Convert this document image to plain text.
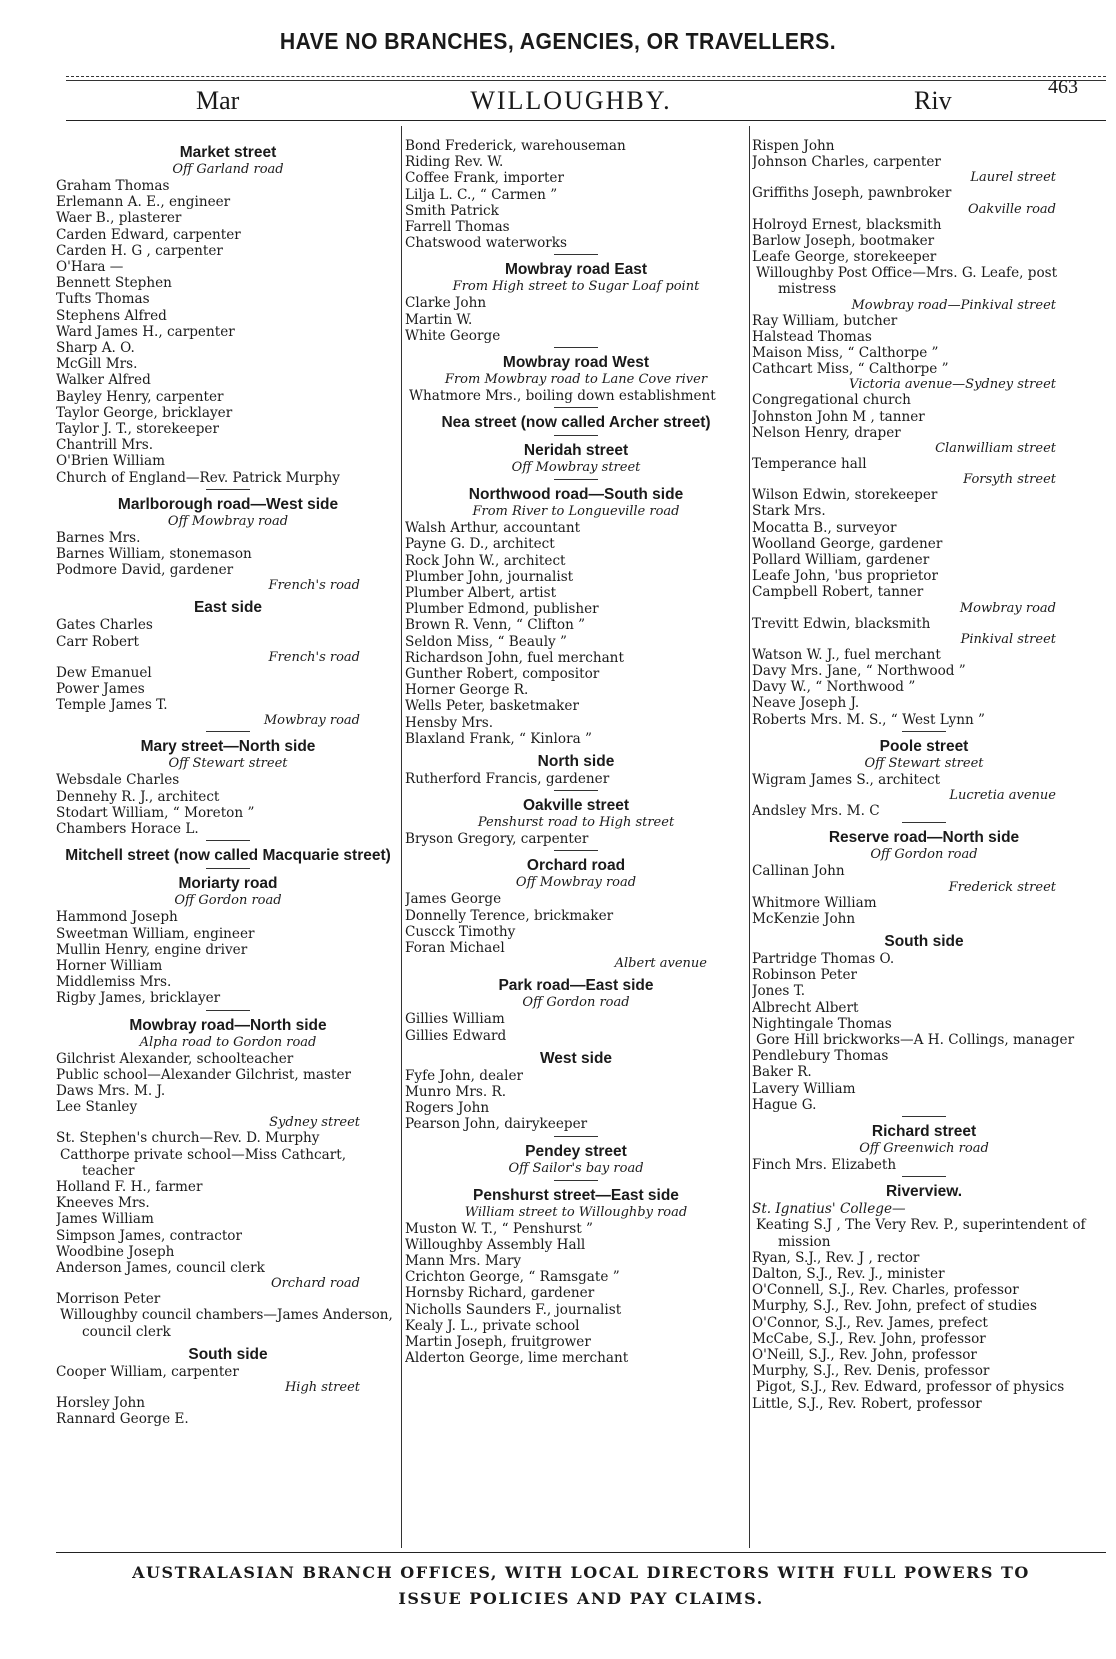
HAVE NO BRANCHES, AGENCIES, OR TRAVELLERS.
Mar	WILLOUGHBY.	Riv	463
Market street
Off Garland road
Graham Thomas
Erlemann A. E., engineer
Waer B., plasterer
Carden Edward, carpenter
Carden H. G , carpenter
O'Hara —
Bennett Stephen
Tufts Thomas
Stephens Alfred
Ward James H., carpenter
Sharp A. O.
McGill Mrs.
Walker Alfred
Bayley Henry, carpenter
Taylor George, bricklayer
Taylor J. T., storekeeper
Chantrill Mrs.
O'Brien William
Church of England—Rev. Patrick Murphy
Marlborough road—West side
Off Mowbray road
Barnes Mrs.
Barnes William, stonemason
Podmore David, gardener
French's road
East side
Gates Charles
Carr Robert
French's road
Dew Emanuel
Power James
Temple James T.
Mowbray road
Mary street—North side
Off Stewart street
Websdale Charles
Dennehy R. J., architect
Stodart William, “ Moreton ”
Chambers Horace L.
Mitchell street (now called Macquarie street)
Moriarty road
Off Gordon road
Hammond Joseph
Sweetman William, engineer
Mullin Henry, engine driver
Horner William
Middlemiss Mrs.
Rigby James, bricklayer
Mowbray road—North side
Alpha road to Gordon road
Gilchrist Alexander, schoolteacher
Public school—Alexander Gilchrist, master
Daws Mrs. M. J.
Lee Stanley
Sydney street
St. Stephen's church—Rev. D. Murphy
Catthorpe private school—Miss Cathcart, teacher
Holland F. H., farmer
Kneeves Mrs.
James William
Simpson James, contractor
Woodbine Joseph
Anderson James, council clerk
Orchard road
Morrison Peter
Willoughby council chambers—James Anderson, council clerk
South side
Cooper William, carpenter
High street
Horsley John
Rannard George E.
Bond Frederick, warehouseman
Riding Rev. W.
Coffee Frank, importer
Lilja L. C., “ Carmen ”
Smith Patrick
Farrell Thomas
Chatswood waterworks
Mowbray road East
From High street to Sugar Loaf point
Clarke John
Martin W.
White George
Mowbray road West
From Mowbray road to Lane Cove river
Whatmore Mrs., boiling down establishment
Nea street (now called Archer street)
Neridah street
Off Mowbray street
Northwood road—South side
From River to Longueville road
Walsh Arthur, accountant
Payne G. D., architect
Rock John W., architect
Plumber John, journalist
Plumber Albert, artist
Plumber Edmond, publisher
Brown R. Venn, “ Clifton ”
Seldon Miss, “ Beauly ”
Richardson John, fuel merchant
Gunther Robert, compositor
Horner George R.
Wells Peter, basketmaker
Hensby Mrs.
Blaxland Frank, “ Kinlora ”
North side
Rutherford Francis, gardener
Oakville street
Penshurst road to High street
Bryson Gregory, carpenter
Orchard road
Off Mowbray road
James George
Donnelly Terence, brickmaker
Cuscck Timothy
Foran Michael
Albert avenue
Park road—East side
Off Gordon road
Gillies William
Gillies Edward
West side
Fyfe John, dealer
Munro Mrs. R.
Rogers John
Pearson John, dairykeeper
Pendey street
Off Sailor's bay road
Penshurst street—East side
William street to Willoughby road
Muston W. T., “ Penshurst ”
Willoughby Assembly Hall
Mann Mrs. Mary
Crichton George, “ Ramsgate ”
Hornsby Richard, gardener
Nicholls Saunders F., journalist
Kealy J. L., private school
Martin Joseph, fruitgrower
Alderton George, lime merchant
Rispen John
Johnson Charles, carpenter
Laurel street
Griffiths Joseph, pawnbroker
Oakville road
Holroyd Ernest, blacksmith
Barlow Joseph, bootmaker
Leafe George, storekeeper
Willoughby Post Office—Mrs. G. Leafe, post mistress
Mowbray road—Pinkival street
Ray William, butcher
Halstead Thomas
Maison Miss, “ Calthorpe ”
Cathcart Miss, “ Calthorpe ”
Victoria avenue—Sydney street
Congregational church
Johnston John M , tanner
Nelson Henry, draper
Clanwilliam street
Temperance hall
Forsyth street
Wilson Edwin, storekeeper
Stark Mrs.
Mocatta B., surveyor
Woolland George, gardener
Pollard William, gardener
Leafe John, 'bus proprietor
Campbell Robert, tanner
Mowbray road
Trevitt Edwin, blacksmith
Pinkival street
Watson W. J., fuel merchant
Davy Mrs. Jane, “ Northwood ”
Davy W., “ Northwood ”
Neave Joseph J.
Roberts Mrs. M. S., “ West Lynn ”
Poole street
Off Stewart street
Wigram James S., architect
Lucretia avenue
Andsley Mrs. M. C
Reserve road—North side
Off Gordon road
Callinan John
Frederick street
Whitmore William
McKenzie John
South side
Partridge Thomas O.
Robinson Peter
Jones T.
Albrecht Albert
Nightingale Thomas
Gore Hill brickworks—A H. Collings, manager
Pendlebury Thomas
Baker R.
Lavery William
Hague G.
Richard street
Off Greenwich road
Finch Mrs. Elizabeth
Riverview.
St. Ignatius' College—
Keating S.J , The Very Rev. P., superintendent of mission
Ryan, S.J., Rev. J , rector
Dalton, S.J., Rev. J., minister
O'Connell, S.J., Rev. Charles, professor
Murphy, S.J., Rev. John, prefect of studies
O'Connor, S.J., Rev. James, prefect
McCabe, S.J., Rev. John, professor
O'Neill, S.J., Rev. John, professor
Murphy, S.J., Rev. Denis, professor
Pigot, S.J., Rev. Edward, professor of physics
Little, S.J., Rev. Robert, professor
AUSTRALASIAN BRANCH OFFICES, WITH LOCAL DIRECTORS WITH FULL POWERS TO
ISSUE POLICIES AND PAY CLAIMS.
